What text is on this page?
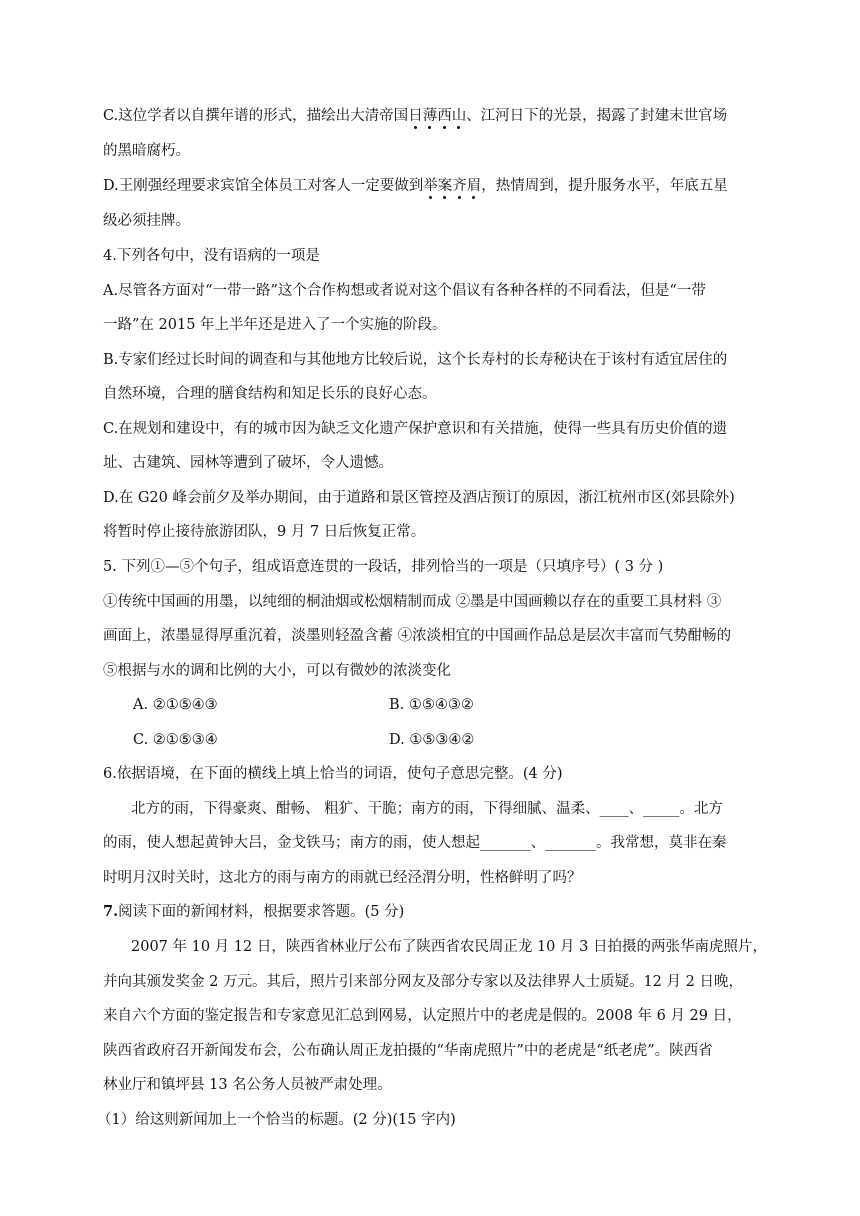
C.这位学者以自撰年谱的形式，描绘出大清帝国日薄西山、江河日下的光景，揭露了封建末世官场
的黑暗腐朽。
D.王刚强经理要求宾馆全体员工对客人一定要做到举案齐眉，热情周到，提升服务水平，年底五星
级必须挂牌。
4.下列各句中，没有语病的一项是
A.尽管各方面对“一带一路”这个合作构想或者说对这个倡议有各种各样的不同看法，但是“一带
一路”在 2015 年上半年还是进入了一个实施的阶段。
B.专家们经过长时间的调查和与其他地方比较后说，这个长寿村的长寿秘诀在于该村有适宜居住的
自然环境，合理的膳食结构和知足长乐的良好心态。
C.在规划和建设中，有的城市因为缺乏文化遗产保护意识和有关措施，使得一些具有历史价值的遗
址、古建筑、园林等遭到了破坏，令人遗憾。
D.在 G20 峰会前夕及举办期间，由于道路和景区管控及酒店预订的原因，浙江杭州市区(郊县除外)
将暂时停止接待旅游团队，9 月 7 日后恢复正常。
5. 下列①—⑤个句子，组成语意连贯的一段话，排列恰当的一项是（只填序号）( 3 分 )
①传统中国画的用墨，以纯细的桐油烟或松烟精制而成 ②墨是中国画赖以存在的重要工具材料 ③
画面上，浓墨显得厚重沉着，淡墨则轻盈含蓄 ④浓淡相宜的中国画作品总是层次丰富而气势酣畅的
⑤根据与水的调和比例的大小，可以有微妙的浓淡变化
A. ②①⑤④③	B. ①⑤④③②
C. ②①⑤③④	D. ①⑤③④②
6.依据语境，在下面的横线上填上恰当的词语，使句子意思完整。(4 分)
北方的雨，下得豪爽、酣畅、 粗犷、干脆；南方的雨，下得细腻、温柔、____、_____。北方
的雨，使人想起黄钟大吕，金戈铁马；南方的雨，使人想起_______、_______。我常想，莫非在秦
时明月汉时关时，这北方的雨与南方的雨就已经泾渭分明，性格鲜明了吗？
7.阅读下面的新闻材料，根据要求答题。(5 分)
2007 年 10 月 12 日，陕西省林业厅公布了陕西省农民周正龙 10 月 3 日拍摄的两张华南虎照片，
并向其颁发奖金 2 万元。其后，照片引来部分网友及部分专家以及法律界人士质疑。12 月 2 日晚，
来自六个方面的鉴定报告和专家意见汇总到网易，认定照片中的老虎是假的。2008 年 6 月 29 日，
陕西省政府召开新闻发布会，公布确认周正龙拍摄的“华南虎照片”中的老虎是“纸老虎”。陕西省
林业厅和镇坪县 13 名公务人员被严肃处理。
（1）给这则新闻加上一个恰当的标题。(2 分)(15 字内)
